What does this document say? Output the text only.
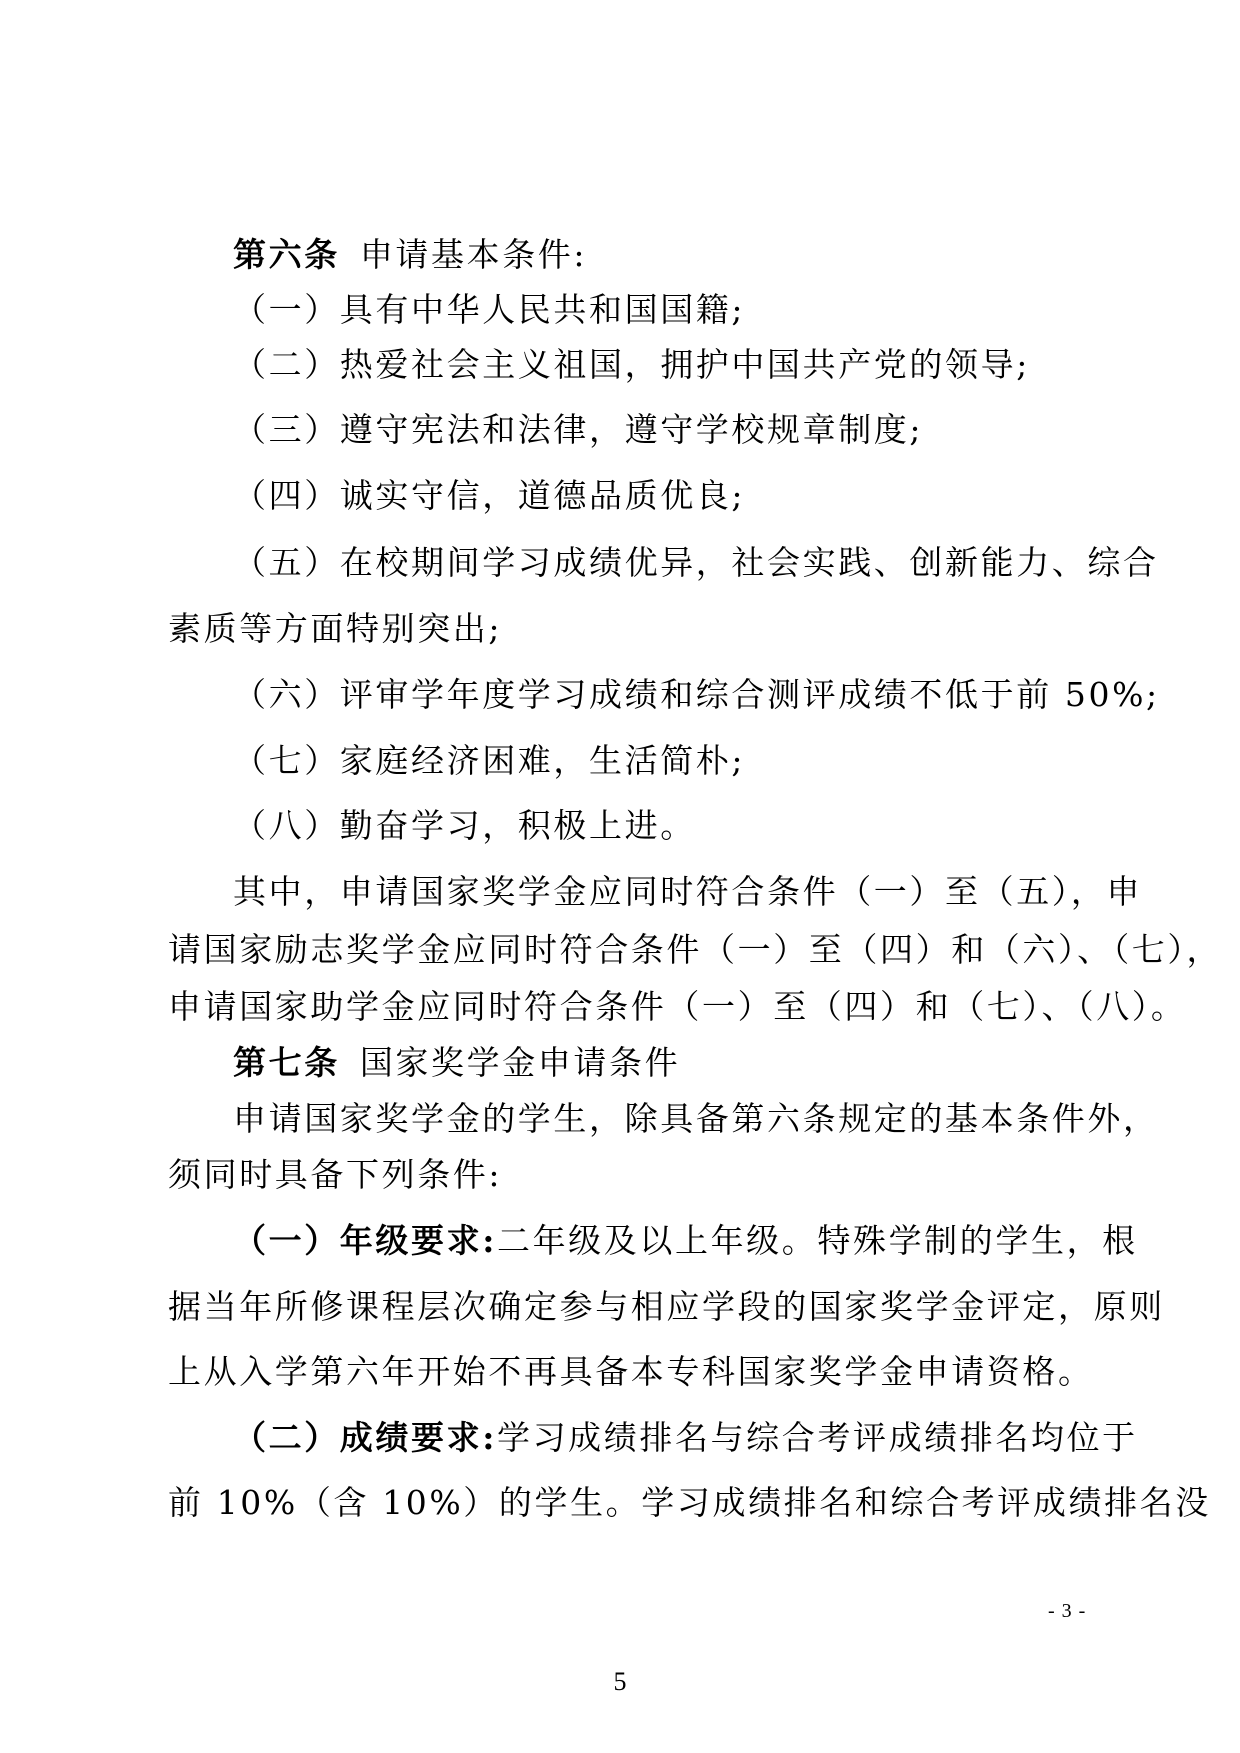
第六条 申请基本条件:
（一）具有中华人民共和国国籍;
（二）热爱社会主义祖国，拥护中国共产党的领导;
（三）遵守宪法和法律，遵守学校规章制度;
（四）诚实守信，道德品质优良;
（五）在校期间学习成绩优异，社会实践、创新能力、综合
素质等方面特别突出;
（六）评审学年度学习成绩和综合测评成绩不低于前 50%;
（七）家庭经济困难，生活简朴;
（八）勤奋学习，积极上进。
其中，申请国家奖学金应同时符合条件（一）至（五），申
请国家励志奖学金应同时符合条件（一）至（四）和（六）、（七），
申请国家助学金应同时符合条件（一）至（四）和（七）、（八）。
第七条 国家奖学金申请条件
申请国家奖学金的学生，除具备第六条规定的基本条件外，
须同时具备下列条件:
（一）年级要求:二年级及以上年级。特殊学制的学生，根
据当年所修课程层次确定参与相应学段的国家奖学金评定，原则
上从入学第六年开始不再具备本专科国家奖学金申请资格。
（二）成绩要求:学习成绩排名与综合考评成绩排名均位于
前 10%（含 10%）的学生。学习成绩排名和综合考评成绩排名没
- 3 -
5
